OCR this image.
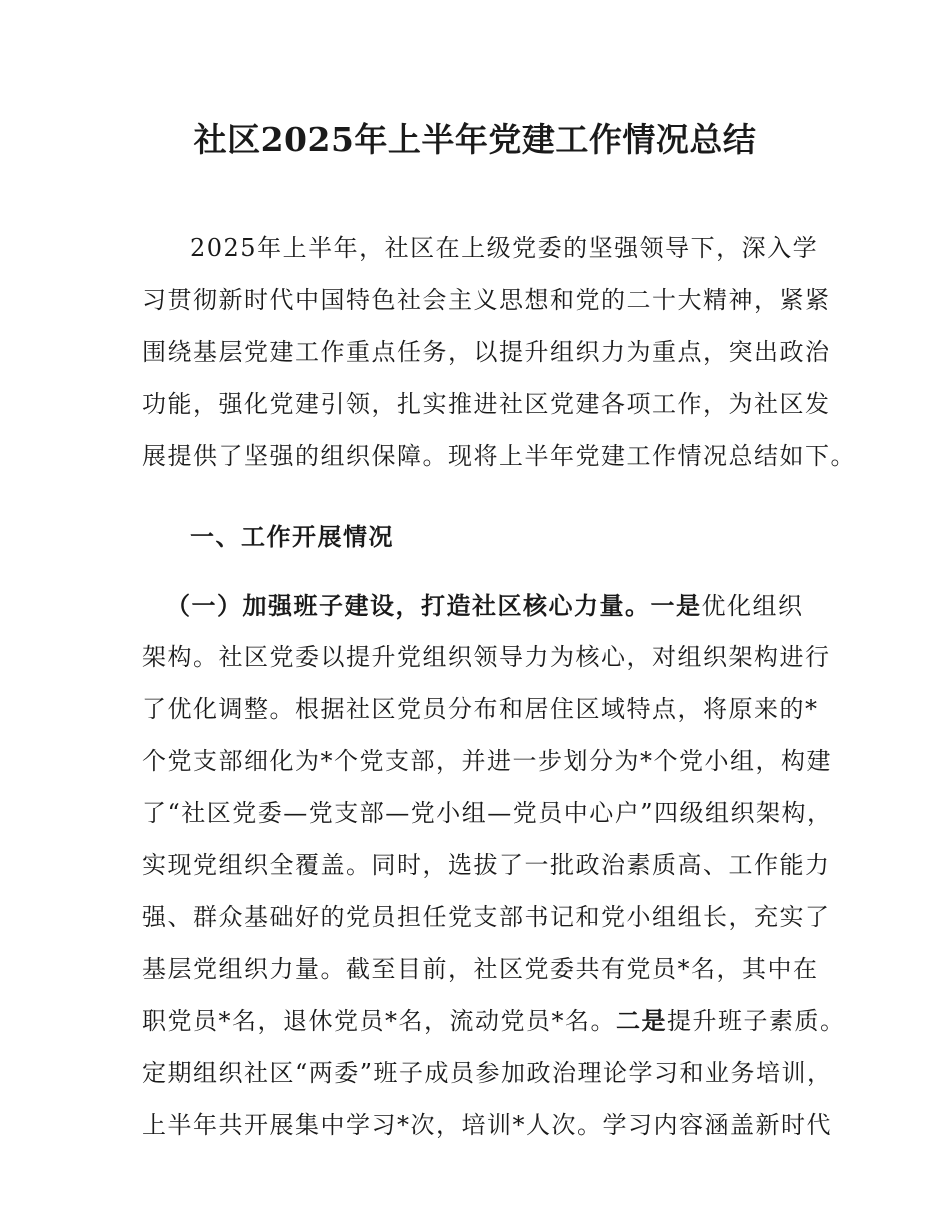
社区2025年上半年党建工作情况总结
2025年上半年，社区在上级党委的坚强领导下，深入学
习贯彻新时代中国特色社会主义思想和党的二十大精神，紧紧
围绕基层党建工作重点任务，以提升组织力为重点，突出政治
功能，强化党建引领，扎实推进社区党建各项工作，为社区发
展提供了坚强的组织保障。现将上半年党建工作情况总结如下。
一、工作开展情况
（一）加强班子建设，打造社区核心力量。一是优化组织
架构。社区党委以提升党组织领导力为核心，对组织架构进行
了优化调整。根据社区党员分布和居住区域特点，将原来的*
个党支部细化为*个党支部，并进一步划分为*个党小组，构建
了“社区党委—党支部—党小组—党员中心户”四级组织架构，
实现党组织全覆盖。同时，选拔了一批政治素质高、工作能力
强、群众基础好的党员担任党支部书记和党小组组长，充实了
基层党组织力量。截至目前，社区党委共有党员*名，其中在
职党员*名，退休党员*名，流动党员*名。二是提升班子素质。
定期组织社区“两委”班子成员参加政治理论学习和业务培训，
上半年共开展集中学习*次，培训*人次。学习内容涵盖新时代
